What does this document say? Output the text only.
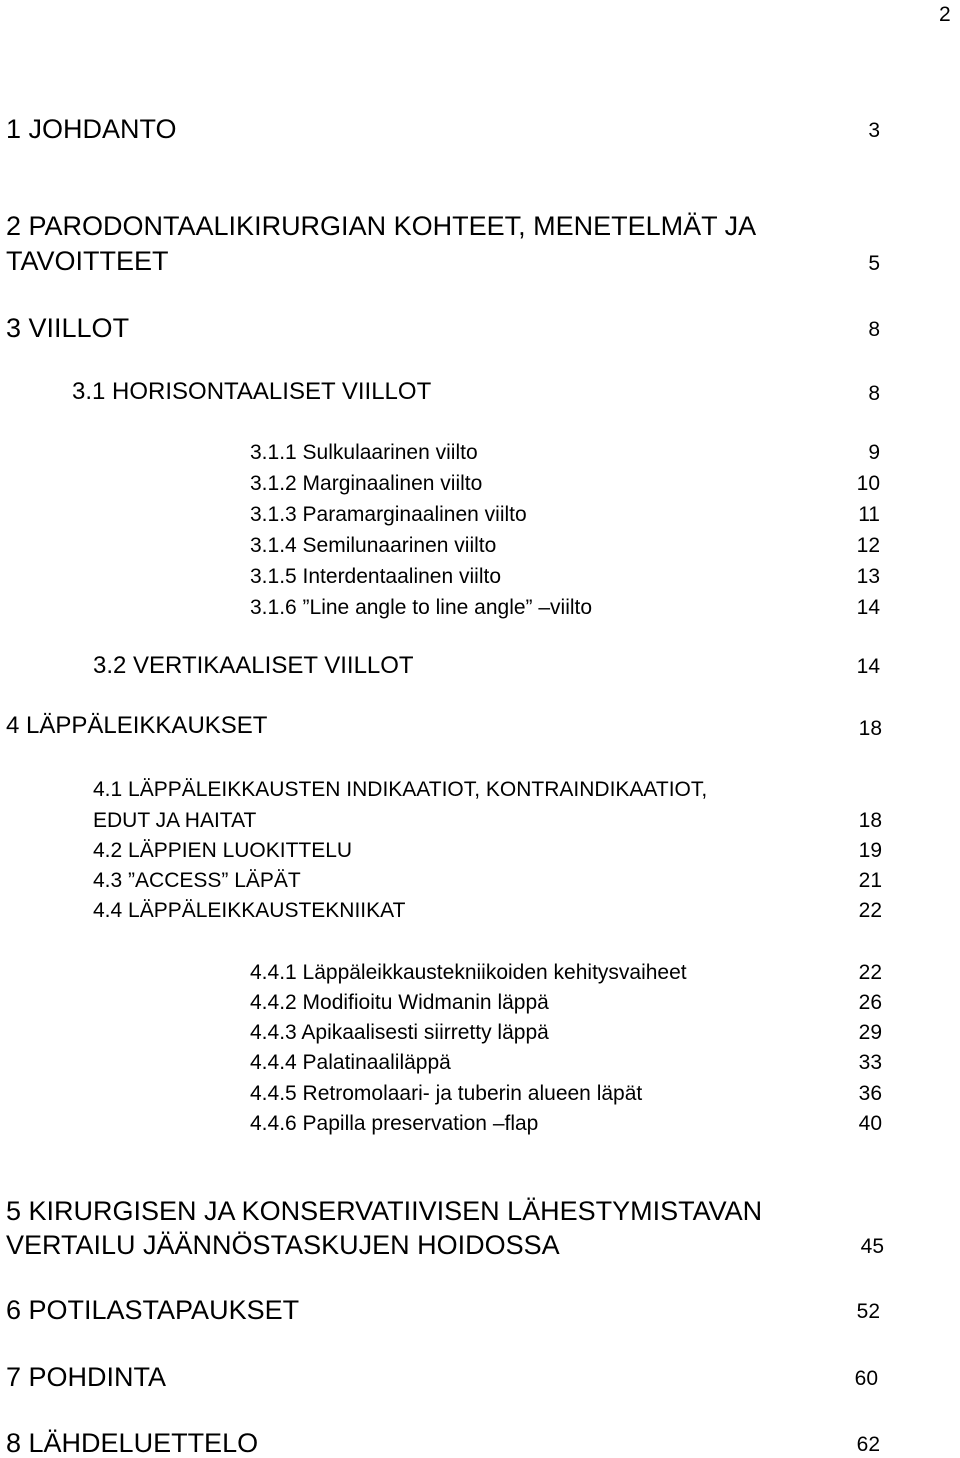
2
1 JOHDANTO	3
2 PARODONTAALIKIRURGIAN KOHTEET, MENETELMÄT JA
TAVOITTEET	5
3 VIILLOT	8
3.1 HORISONTAALISET VIILLOT	8
3.1.1 Sulkulaarinen viilto	9
3.1.2 Marginaalinen viilto	10
3.1.3 Paramarginaalinen viilto	11
3.1.4 Semilunaarinen viilto	12
3.1.5 Interdentaalinen viilto	13
3.1.6 ”Line angle to line angle” –viilto	14
3.2 VERTIKAALISET VIILLOT	14
4 LÄPPÄLEIKKAUKSET	18
4.1 LÄPPÄLEIKKAUSTEN INDIKAATIOT, KONTRAINDIKAATIOT,
EDUT JA HAITAT	18
4.2 LÄPPIEN LUOKITTELU	19
4.3 ”ACCESS” LÄPÄT	21
4.4 LÄPPÄLEIKKAUSTEKNIIKAT	22
4.4.1 Läppäleikkaustekniikoiden kehitysvaiheet	22
4.4.2 Modifioitu Widmanin läppä	26
4.4.3 Apikaalisesti siirretty läppä	29
4.4.4 Palatinaaliläppä	33
4.4.5 Retromolaari- ja tuberin alueen läpät	36
4.4.6 Papilla preservation –flap	40
5 KIRURGISEN JA KONSERVATIIVISEN LÄHESTYMISTAVAN
VERTAILU JÄÄNNÖSTASKUJEN HOIDOSSA	45
6 POTILASTAPAUKSET	52
7 POHDINTA	60
8 LÄHDELUETTELO	62
